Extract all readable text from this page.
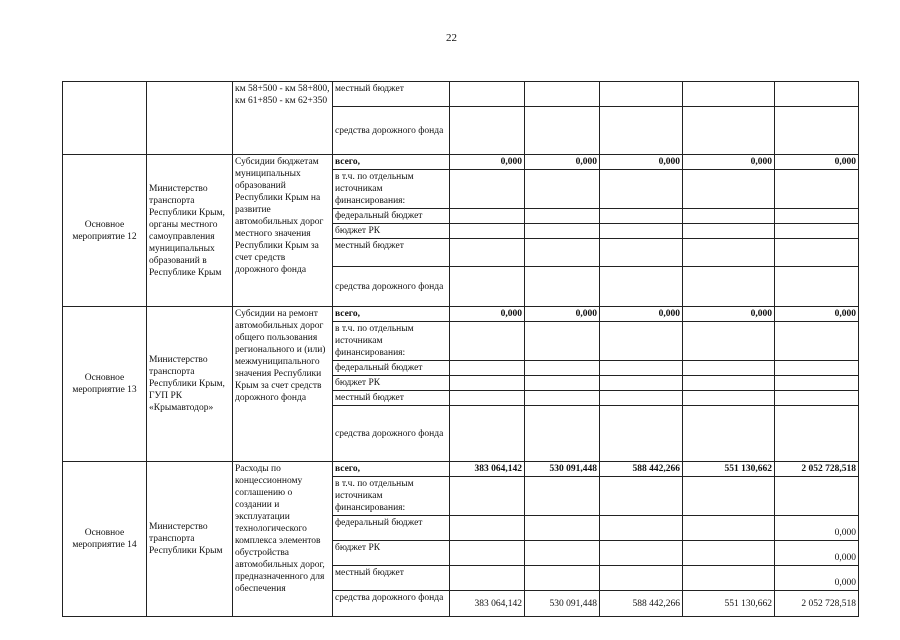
22
		км 58+500 - км 58+800, км 61+850 - км 62+350	местный бюджет					
			средства дорожного фонда					
Основное мероприятие 12	Министерство транспорта Республики Крым, органы местного самоуправления муниципальных образований в Республике Крым	Субсидии бюджетам муниципальных образований Республики Крым на развитие автомобильных дорог местного значения Республики Крым за счет средств дорожного фонда	всего,	0,000	0,000	0,000	0,000	0,000
			в т.ч. по отдельным источникам финансирования:					
			федеральный бюджет					
			бюджет РК					
			местный бюджет					
			средства дорожного фонда					
Основное мероприятие 13	Министерство транспорта Республики Крым, ГУП РК «Крымавтодор»	Субсидии на ремонт автомобильных дорог общего пользования регионального и (или) межмуниципального значения Республики Крым за счет средств дорожного фонда	всего,	0,000	0,000	0,000	0,000	0,000
			в т.ч. по отдельным источникам финансирования:					
			федеральный бюджет					
			бюджет РК					
			местный бюджет					
			средства дорожного фонда					
Основное мероприятие 14	Министерство транспорта Республики Крым	Расходы по концессионному соглашению о создании и эксплуатации технологического комплекса элементов обустройства автомобильных дорог, предназначенного для обеспечения	всего,	383 064,142	530 091,448	588 442,266	551 130,662	2 052 728,518
			в т.ч. по отдельным источникам финансирования:					
			федеральный бюджет					0,000
			бюджет РК					0,000
			местный бюджет					0,000
			средства дорожного фонда	383 064,142	530 091,448	588 442,266	551 130,662	2 052 728,518
